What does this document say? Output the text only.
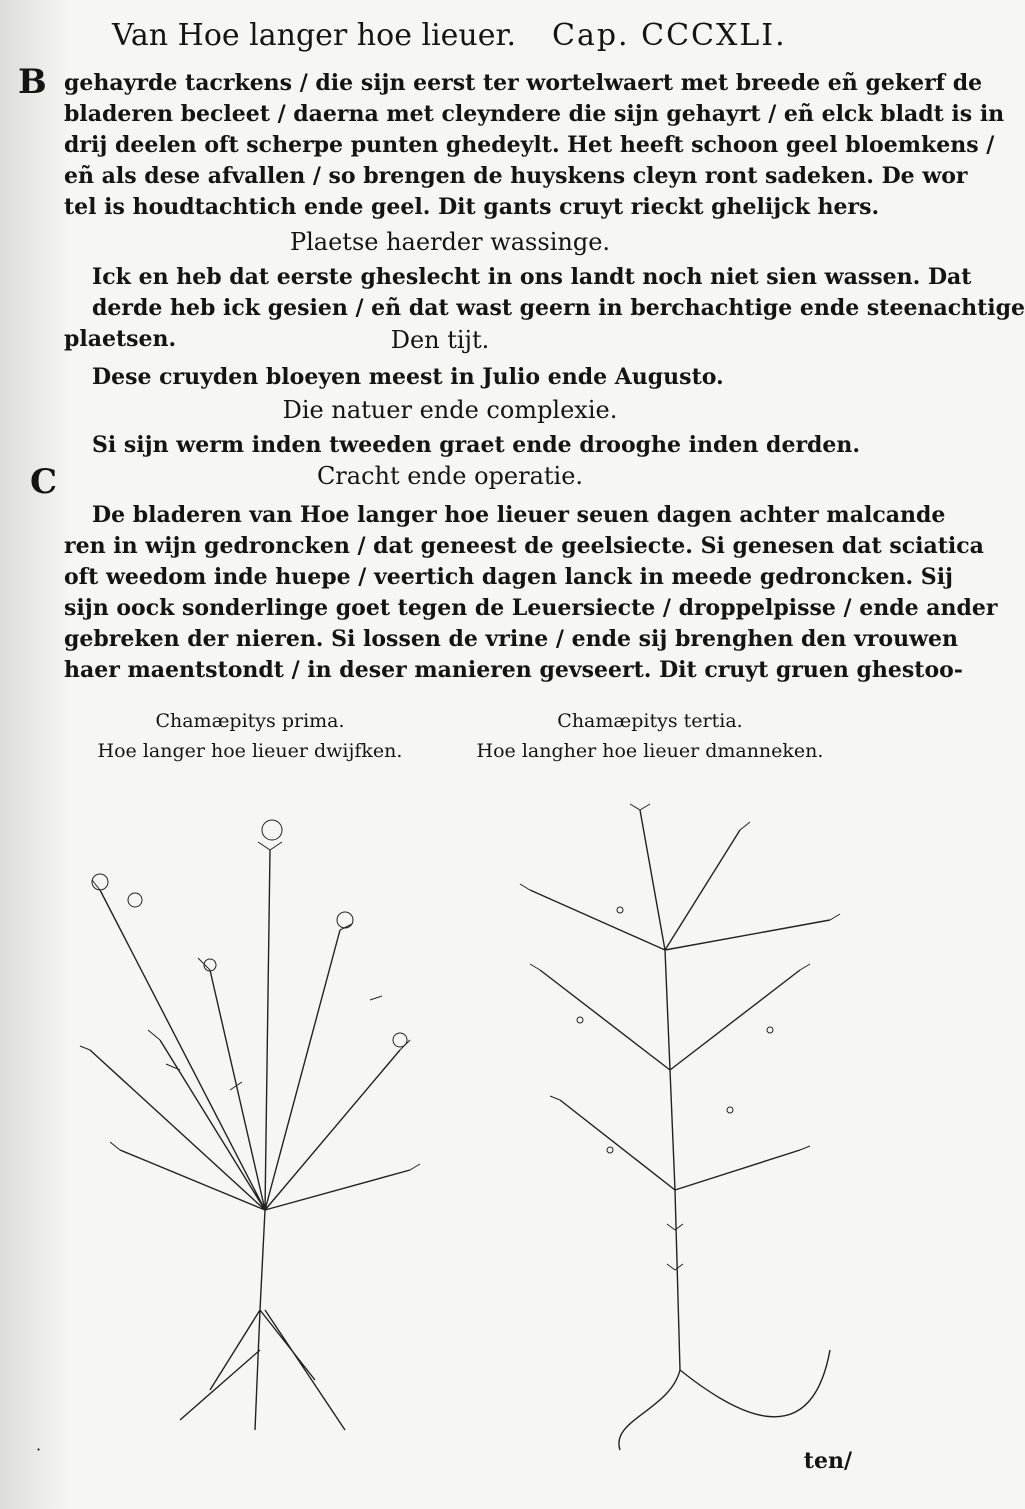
Van Hoe langer hoe lieuer. Cap. CCCXLI.
B gehayrde tacrkens / die sijn eerst ter wortelwaert met breede eñ gekerf de
bladeren becleet / daerna met cleyndere die sijn gehayrt / eñ elck bladt is in
drij deelen oft scherpe punten ghedeylt. Het heeft schoon geel bloemkens /
eñ als dese afvallen / so brengen de huyskens cleyn ront sadeken. De wor
tel is houdtachtich ende geel. Dit gants cruyt rieckt ghelijck hers.
Plaetse haerder wassinge.
Ick en heb dat eerste gheslecht in ons landt noch niet sien wassen. Dat
derde heb ick gesien / eñ dat wast geern in berchachtige ende steenachtige
plaetsen.	Den tijt.
Dese cruyden bloeyen meest in Julio ende Augusto.
Die natuer ende complexie.
Si sijn werm inden tweeden graet ende drooghe inden derden.
C	Cracht ende operatie.
De bladeren van Hoe langer hoe lieuer seuen dagen achter malcande
ren in wijn gedroncken / dat geneest de geelsiecte. Si genesen dat sciatica
oft weedom inde huepe / veertich dagen lanck in meede gedroncken. Sij
sijn oock sonderlinge goet tegen de Leuersiecte / droppelpisse / ende ander
gebreken der nieren. Si lossen de vrine / ende sij brenghen den vrouwen
haer maentstondt / in deser manieren gevseert. Dit cruyt gruen ghestoo-
Chamæpitys prima.
Hoe langer hoe lieuer dwijfken.
Chamæpitys tertia.
Hoe langher hoe lieuer dmanneken.
ten/
·
